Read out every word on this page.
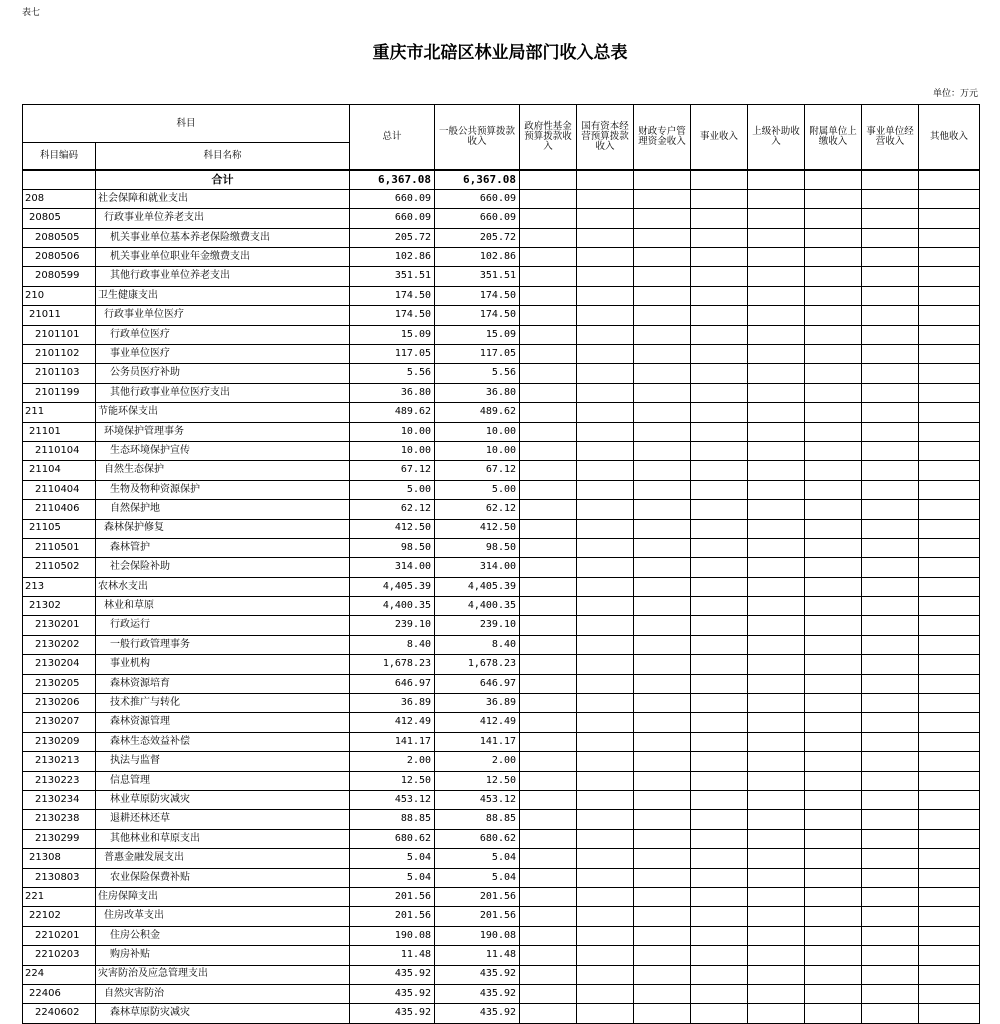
表七
重庆市北碚区林业局部门收入总表
单位：万元
科目		总计	一般公共预算拨款收入	政府性基金预算拨款收入	国有资本经营预算拨款收入	财政专户管理资金收入	事业收入	上级补助收入	附属单位上缴收入	事业单位经营收入	其他收入
科目编码	科目名称										
	合计	6,367.08	6,367.08								
208	社会保障和就业支出	660.09	660.09								
20805	行政事业单位养老支出	660.09	660.09								
2080505	机关事业单位基本养老保险缴费支出	205.72	205.72								
2080506	机关事业单位职业年金缴费支出	102.86	102.86								
2080599	其他行政事业单位养老支出	351.51	351.51								
210	卫生健康支出	174.50	174.50								
21011	行政事业单位医疗	174.50	174.50								
2101101	行政单位医疗	15.09	15.09								
2101102	事业单位医疗	117.05	117.05								
2101103	公务员医疗补助	5.56	5.56								
2101199	其他行政事业单位医疗支出	36.80	36.80								
211	节能环保支出	489.62	489.62								
21101	环境保护管理事务	10.00	10.00								
2110104	生态环境保护宣传	10.00	10.00								
21104	自然生态保护	67.12	67.12								
2110404	生物及物种资源保护	5.00	5.00								
2110406	自然保护地	62.12	62.12								
21105	森林保护修复	412.50	412.50								
2110501	森林管护	98.50	98.50								
2110502	社会保险补助	314.00	314.00								
213	农林水支出	4,405.39	4,405.39								
21302	林业和草原	4,400.35	4,400.35								
2130201	行政运行	239.10	239.10								
2130202	一般行政管理事务	8.40	8.40								
2130204	事业机构	1,678.23	1,678.23								
2130205	森林资源培育	646.97	646.97								
2130206	技术推广与转化	36.89	36.89								
2130207	森林资源管理	412.49	412.49								
2130209	森林生态效益补偿	141.17	141.17								
2130213	执法与监督	2.00	2.00								
2130223	信息管理	12.50	12.50								
2130234	林业草原防灾减灾	453.12	453.12								
2130238	退耕还林还草	88.85	88.85								
2130299	其他林业和草原支出	680.62	680.62								
21308	普惠金融发展支出	5.04	5.04								
2130803	农业保险保费补贴	5.04	5.04								
221	住房保障支出	201.56	201.56								
22102	住房改革支出	201.56	201.56								
2210201	住房公积金	190.08	190.08								
2210203	购房补贴	11.48	11.48								
224	灾害防治及应急管理支出	435.92	435.92								
22406	自然灾害防治	435.92	435.92								
2240602	森林草原防灾减灾	435.92	435.92								
